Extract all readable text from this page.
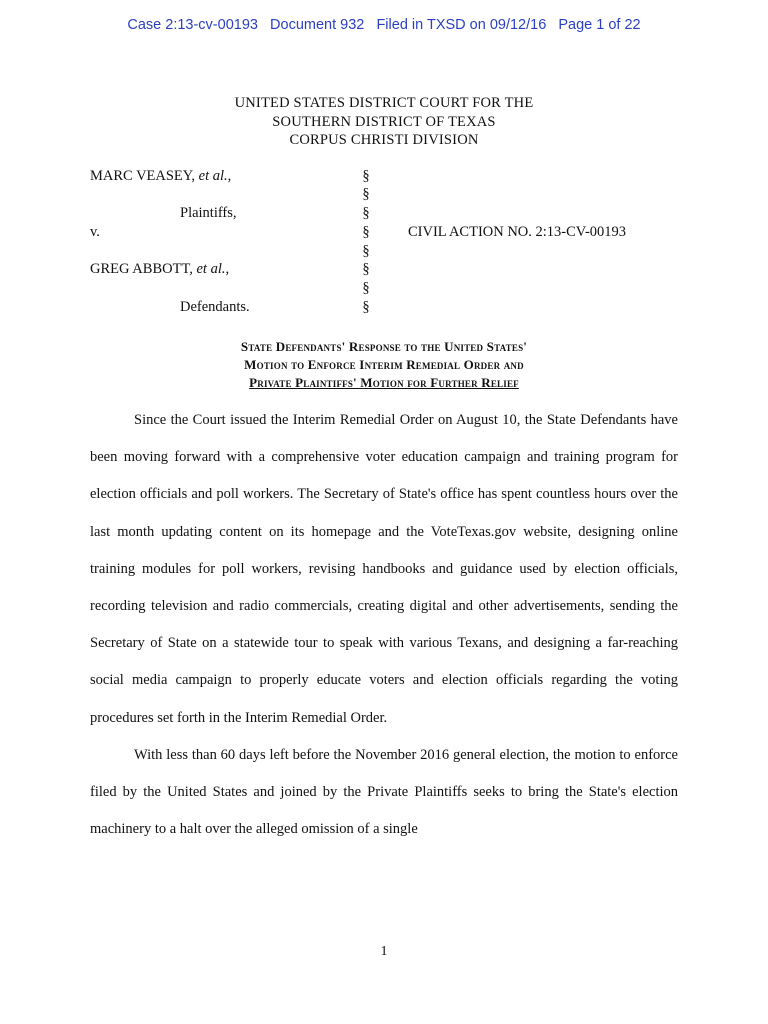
Case 2:13-cv-00193 Document 932 Filed in TXSD on 09/12/16 Page 1 of 22
UNITED STATES DISTRICT COURT FOR THE
SOUTHERN DISTRICT OF TEXAS
CORPUS CHRISTI DIVISION
MARC VEASEY, et al.,
Plaintiffs,
v.
GREG ABBOTT, et al.,
Defendants.
§
§
§
§
§
§
§
§
CIVIL ACTION NO. 2:13-CV-00193
State Defendants' Response to the United States'
Motion to Enforce Interim Remedial Order and
Private Plaintiffs' Motion for Further Relief

Since the Court issued the Interim Remedial Order on August 10, the State Defendants have been moving forward with a comprehensive voter education campaign and training program for election officials and poll workers. The Secretary of State's office has spent countless hours over the last month updating content on its homepage and the VoteTexas.gov website, designing online training modules for poll workers, revising handbooks and guidance used by election officials, recording television and radio commercials, creating digital and other advertisements, sending the Secretary of State on a statewide tour to speak with various Texans, and designing a far-reaching social media campaign to properly educate voters and election officials regarding the voting procedures set forth in the Interim Remedial Order.

With less than 60 days left before the November 2016 general election, the motion to enforce filed by the United States and joined by the Private Plaintiffs seeks to bring the State's election machinery to a halt over the alleged omission of a single

1
